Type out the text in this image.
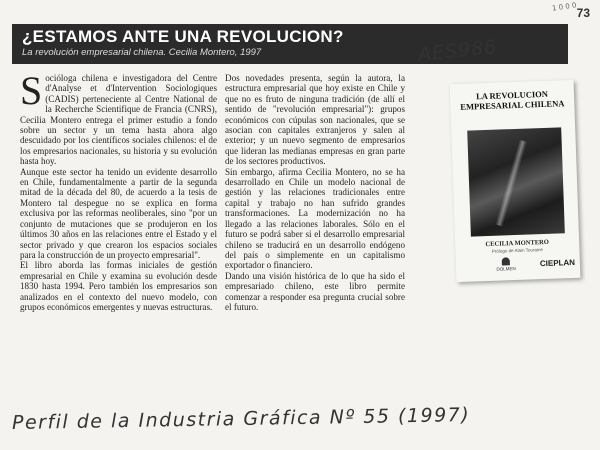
1 0 0 0 73
¿ESTAMOS ANTE UNA REVOLUCION?
La revolución empresarial chilena. Cecilia Montero, 1997	AES986

Socióloga chilena e investigadora del Centre d'Analyse et d'Intervention Sociologiques (CADIS) perteneciente al Centre National de la Recherche Scientifique de Francia (CNRS), Cecilia Montero entrega el primer estudio a fondo sobre un sector y un tema hasta ahora algo descuidado por los científicos sociales chilenos: el de los empresarios nacionales, su historia y su evolución hasta hoy.

Aunque este sector ha tenido un evidente desarrollo en Chile, fundamentalmente a partir de la segunda mitad de la década del 80, de acuerdo a la tesis de Montero tal despegue no se explica en forma exclusiva por las reformas neoliberales, sino "por un conjunto de mutaciones que se produjeron en los últimos 30 años en las relaciones entre el Estado y el sector privado y que crearon los espacios sociales para la construcción de un proyecto empresarial".

El libro aborda las formas iniciales de gestión empresarial en Chile y examina su evolución desde 1830 hasta 1994. Pero también los empresarios son analizados en el contexto del nuevo modelo, con grupos económicos emergentes y nuevas estructuras.

Dos novedades presenta, según la autora, la estructura empresarial que hoy existe en Chile y que no es fruto de ninguna tradición (de allí el sentido de "revolución empresarial"): grupos económicos con cúpulas son nacionales, que se asocian con capitales extranjeros y salen al exterior; y un nuevo segmento de empresarios que lideran las medianas empresas en gran parte de los sectores productivos.

Sin embargo, afirma Cecilia Montero, no se ha desarrollado en Chile un modelo nacional de gestión y las relaciones tradicionales entre capital y trabajo no han sufrido grandes transformaciones. La modernización no ha llegado a las relaciones laborales. Sólo en el futuro se podrá saber si el desarrollo empresarial chileno se traducirá en un desarrollo endógeno del país o simplemente en un capitalismo exportador o financiero.

Dando una visión histórica de lo que ha sido el empresariado chileno, este libro permite comenzar a responder esa pregunta crucial sobre el futuro.

LA REVOLUCION EMPRESARIAL CHILENA
CECILIA MONTERO
Prólogo de Alain Touraine
DOLMEN
CIEPLAN
Perfil de la Industria Gráfica Nº 55 (1997)
